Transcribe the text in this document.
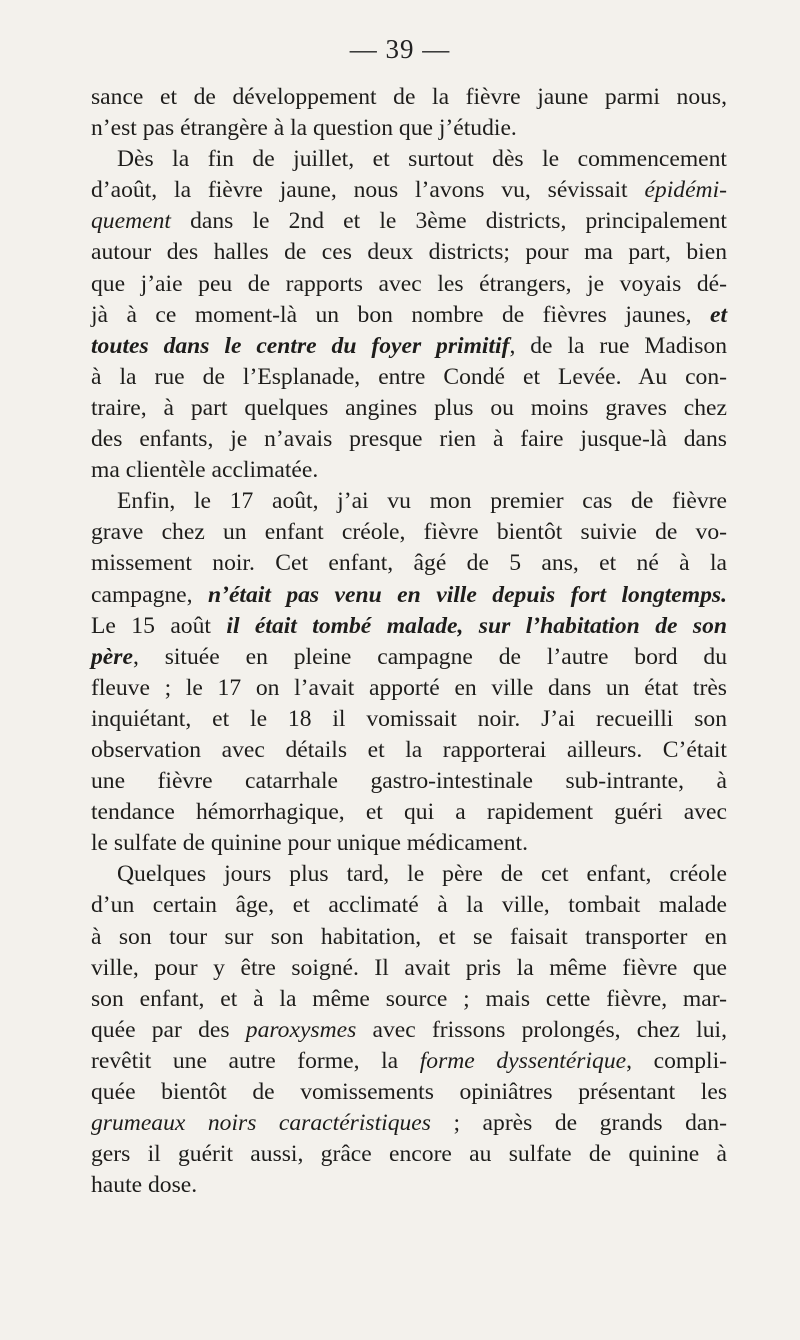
— 39 —
sance et de développement de la fièvre jaune parmi nous,
n’est pas étrangère à la question que j’étudie.
Dès la fin de juillet, et surtout dès le commencement
d’août, la fièvre jaune, nous l’avons vu, sévissait épidémi-
quement dans le 2nd et le 3ème districts, principalement
autour des halles de ces deux districts; pour ma part, bien
que j’aie peu de rapports avec les étrangers, je voyais dé-
jà à ce moment-là un bon nombre de fièvres jaunes, et
toutes dans le centre du foyer primitif, de la rue Madison
à la rue de l’Esplanade, entre Condé et Levée. Au con-
traire, à part quelques angines plus ou moins graves chez
des enfants, je n’avais presque rien à faire jusque-là dans
ma clientèle acclimatée.
Enfin, le 17 août, j’ai vu mon premier cas de fièvre
grave chez un enfant créole, fièvre bientôt suivie de vo-
missement noir. Cet enfant, âgé de 5 ans, et né à la
campagne, n’était pas venu en ville depuis fort longtemps.
Le 15 août il était tombé malade, sur l’habitation de son
père, située en pleine campagne de l’autre bord du
fleuve ; le 17 on l’avait apporté en ville dans un état très
inquiétant, et le 18 il vomissait noir. J’ai recueilli son
observation avec détails et la rapporterai ailleurs. C’était
une fièvre catarrhale gastro-intestinale sub-intrante, à
tendance hémorrhagique, et qui a rapidement guéri avec
le sulfate de quinine pour unique médicament.
Quelques jours plus tard, le père de cet enfant, créole
d’un certain âge, et acclimaté à la ville, tombait malade
à son tour sur son habitation, et se faisait transporter en
ville, pour y être soigné. Il avait pris la même fièvre que
son enfant, et à la même source ; mais cette fièvre, mar-
quée par des paroxysmes avec frissons prolongés, chez lui,
revêtit une autre forme, la forme dyssentérique, compli-
quée bientôt de vomissements opiniâtres présentant les
grumeaux noirs caractéristiques ; après de grands dan-
gers il guérit aussi, grâce encore au sulfate de quinine à
haute dose.
